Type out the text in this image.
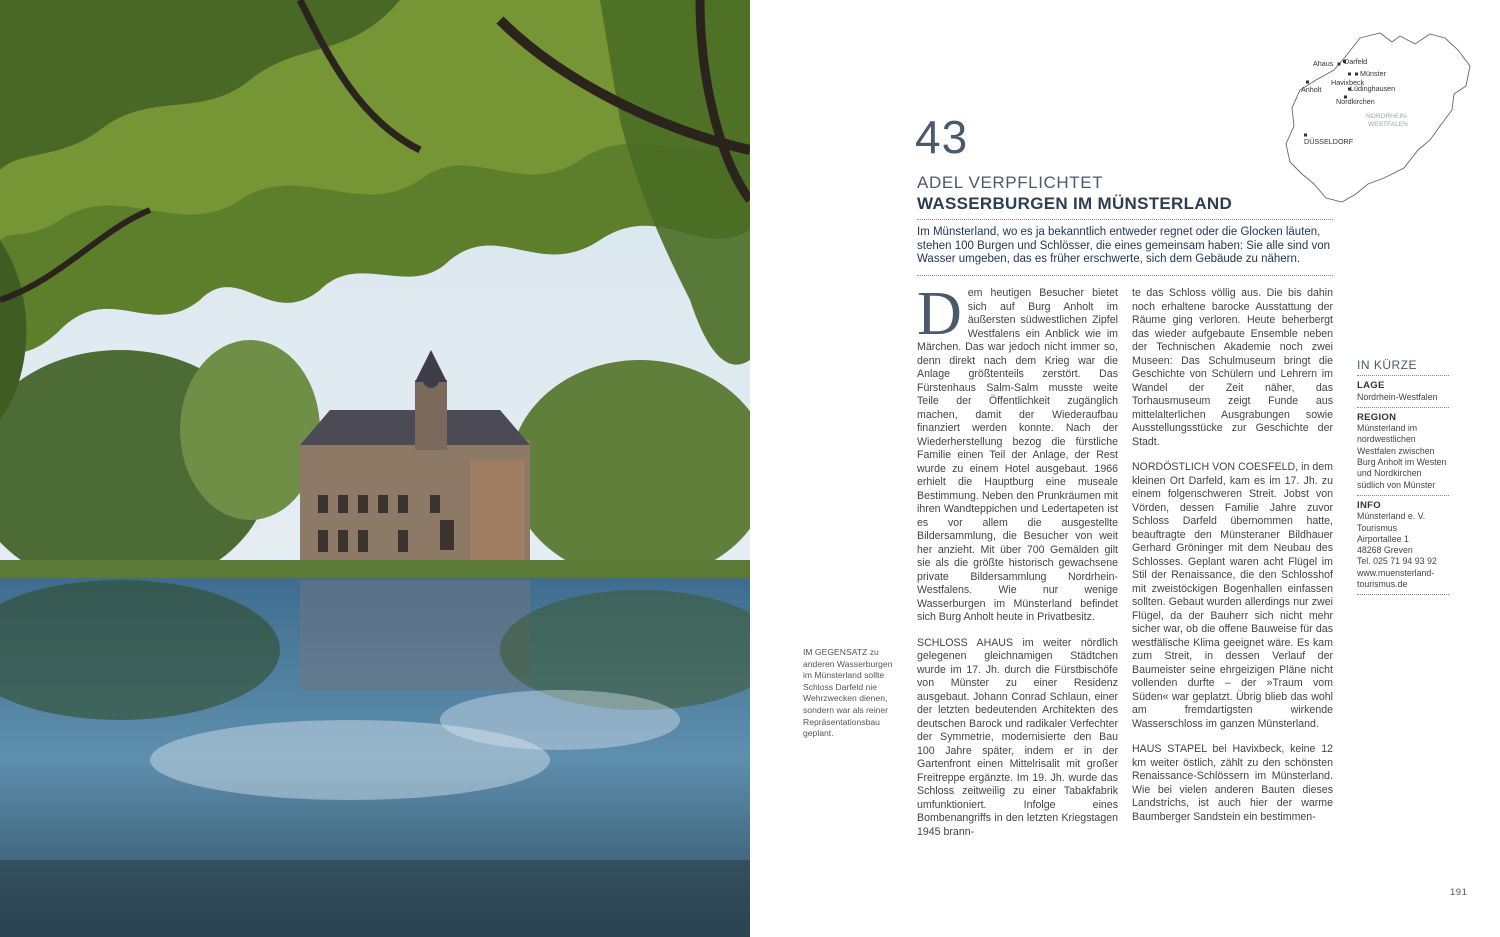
IM GEGENSATZ zu anderen Wasserburgen im Münsterland sollte Schloss Darfeld nie Wehrzwecken dienen, sondern war als reiner Repräsentationsbau geplant.
Ahaus Darfeld
Münster
Havixbeck
Lüdinghausen
Anholt
Nordkirchen
DÜSSELDORF
NORDRHEIN-
WESTFALEN
43
ADEL VERPFLICHTET
WASSERBURGEN IM MÜNSTERLAND
Im Münsterland, wo es ja bekanntlich entweder regnet oder die Glocken läuten, stehen 100 Burgen und Schlösser, die eines gemeinsam haben: Sie alle sind von Wasser umgeben, das es früher erschwerte, sich dem Gebäude zu nähern.

Dem heutigen Besucher bietet sich auf Burg Anholt im äußersten südwestlichen Zipfel Westfalens ein Anblick wie im Märchen. Das war jedoch nicht immer so, denn direkt nach dem Krieg war die Anlage größtenteils zerstört. Das Fürstenhaus Salm-Salm musste weite Teile der Öffentlichkeit zugänglich machen, damit der Wiederaufbau finanziert werden konnte. Nach der Wiederherstellung bezog die fürstliche Familie einen Teil der Anlage, der Rest wurde zu einem Hotel ausgebaut. 1966 erhielt die Hauptburg eine museale Bestimmung. Neben den Prunkräumen mit ihren Wandteppichen und Ledertapeten ist es vor allem die ausgestellte Bildersammlung, die Besucher von weit her anzieht. Mit über 700 Gemälden gilt sie als die größte historisch gewachsene private Bildersammlung Nordrhein-Westfalens. Wie nur wenige Wasserburgen im Münsterland befindet sich Burg Anholt heute in Privatbesitz.

SCHLOSS AHAUS im weiter nördlich gelegenen gleichnamigen Städtchen wurde im 17. Jh. durch die Fürstbischöfe von Münster zu einer Residenz ausgebaut. Johann Conrad Schlaun, einer der letzten bedeutenden Architekten des deutschen Barock und radikaler Verfechter der Symmetrie, modernisierte den Bau 100 Jahre später, indem er in der Gartenfront einen Mittelrisalit mit großer Freitreppe ergänzte. Im 19. Jh. wurde das Schloss zeitweilig zu einer Tabakfabrik umfunktioniert. Infolge eines Bombenangriffs in den letzten Kriegstagen 1945 brann-

te das Schloss völlig aus. Die bis dahin noch erhaltene barocke Ausstattung der Räume ging verloren. Heute beherbergt das wieder aufgebaute Ensemble neben der Technischen Akademie noch zwei Museen: Das Schulmuseum bringt die Geschichte von Schülern und Lehrern im Wandel der Zeit näher, das Torhausmuseum zeigt Funde aus mittelalterlichen Ausgrabungen sowie Ausstellungsstücke zur Geschichte der Stadt.

NORDÖSTLICH VON COESFELD, in dem kleinen Ort Darfeld, kam es im 17. Jh. zu einem folgenschweren Streit. Jobst von Vörden, dessen Familie Jahre zuvor Schloss Darfeld übernommen hatte, beauftragte den Münsteraner Bildhauer Gerhard Gröninger mit dem Neubau des Schlosses. Geplant waren acht Flügel im Stil der Renaissance, die den Schlosshof mit zweistöckigen Bogenhallen einfassen sollten. Gebaut wurden allerdings nur zwei Flügel, da der Bauherr sich nicht mehr sicher war, ob die offene Bauweise für das westfälische Klima geeignet wäre. Es kam zum Streit, in dessen Verlauf der Baumeister seine ehrgeizigen Pläne nicht vollenden durfte – der »Traum vom Süden« war geplatzt. Übrig blieb das wohl am fremdartigsten wirkende Wasserschloss im ganzen Münsterland.

HAUS STAPEL bei Havixbeck, keine 12 km weiter östlich, zählt zu den schönsten Renaissance-Schlössern im Münsterland. Wie bei vielen anderen Bauten dieses Landstrichs, ist auch hier der warme Baumberger Sandstein ein bestimmen-

IN KÜRZE
LAGE
Nordrhein-Westfalen
REGION
Münsterland im nordwestlichen Westfalen zwischen Burg Anholt im Westen und Nordkirchen südlich von Münster
INFO
Münsterland e. V.
Tourismus
Airportallee 1
48268 Greven
Tel. 025 71 94 93 92
www.muensterland-
tourismus.de
191
